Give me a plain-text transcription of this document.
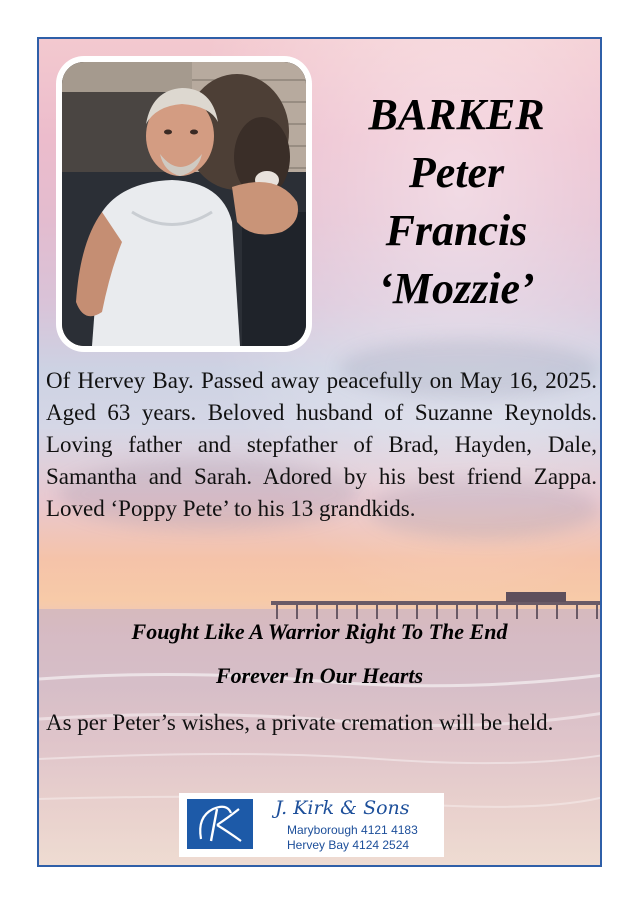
BARKER
Peter
Francis
‘Mozzie’
Of Hervey Bay. Passed away peacefully on May 16, 2025. Aged 63 years. Beloved husband of Suzanne Reynolds. Loving father and stepfather of Brad, Hayden, Dale, Samantha and Sarah. Adored by his best friend Zappa. Loved ‘Poppy Pete’ to his 13 grandkids.
Fought Like A Warrior Right To The End
Forever In Our Hearts
As per Peter’s wishes, a private cremation will be held.
J. Kirk & Sons
Maryborough 4121 4183
Hervey Bay 4124 2524
